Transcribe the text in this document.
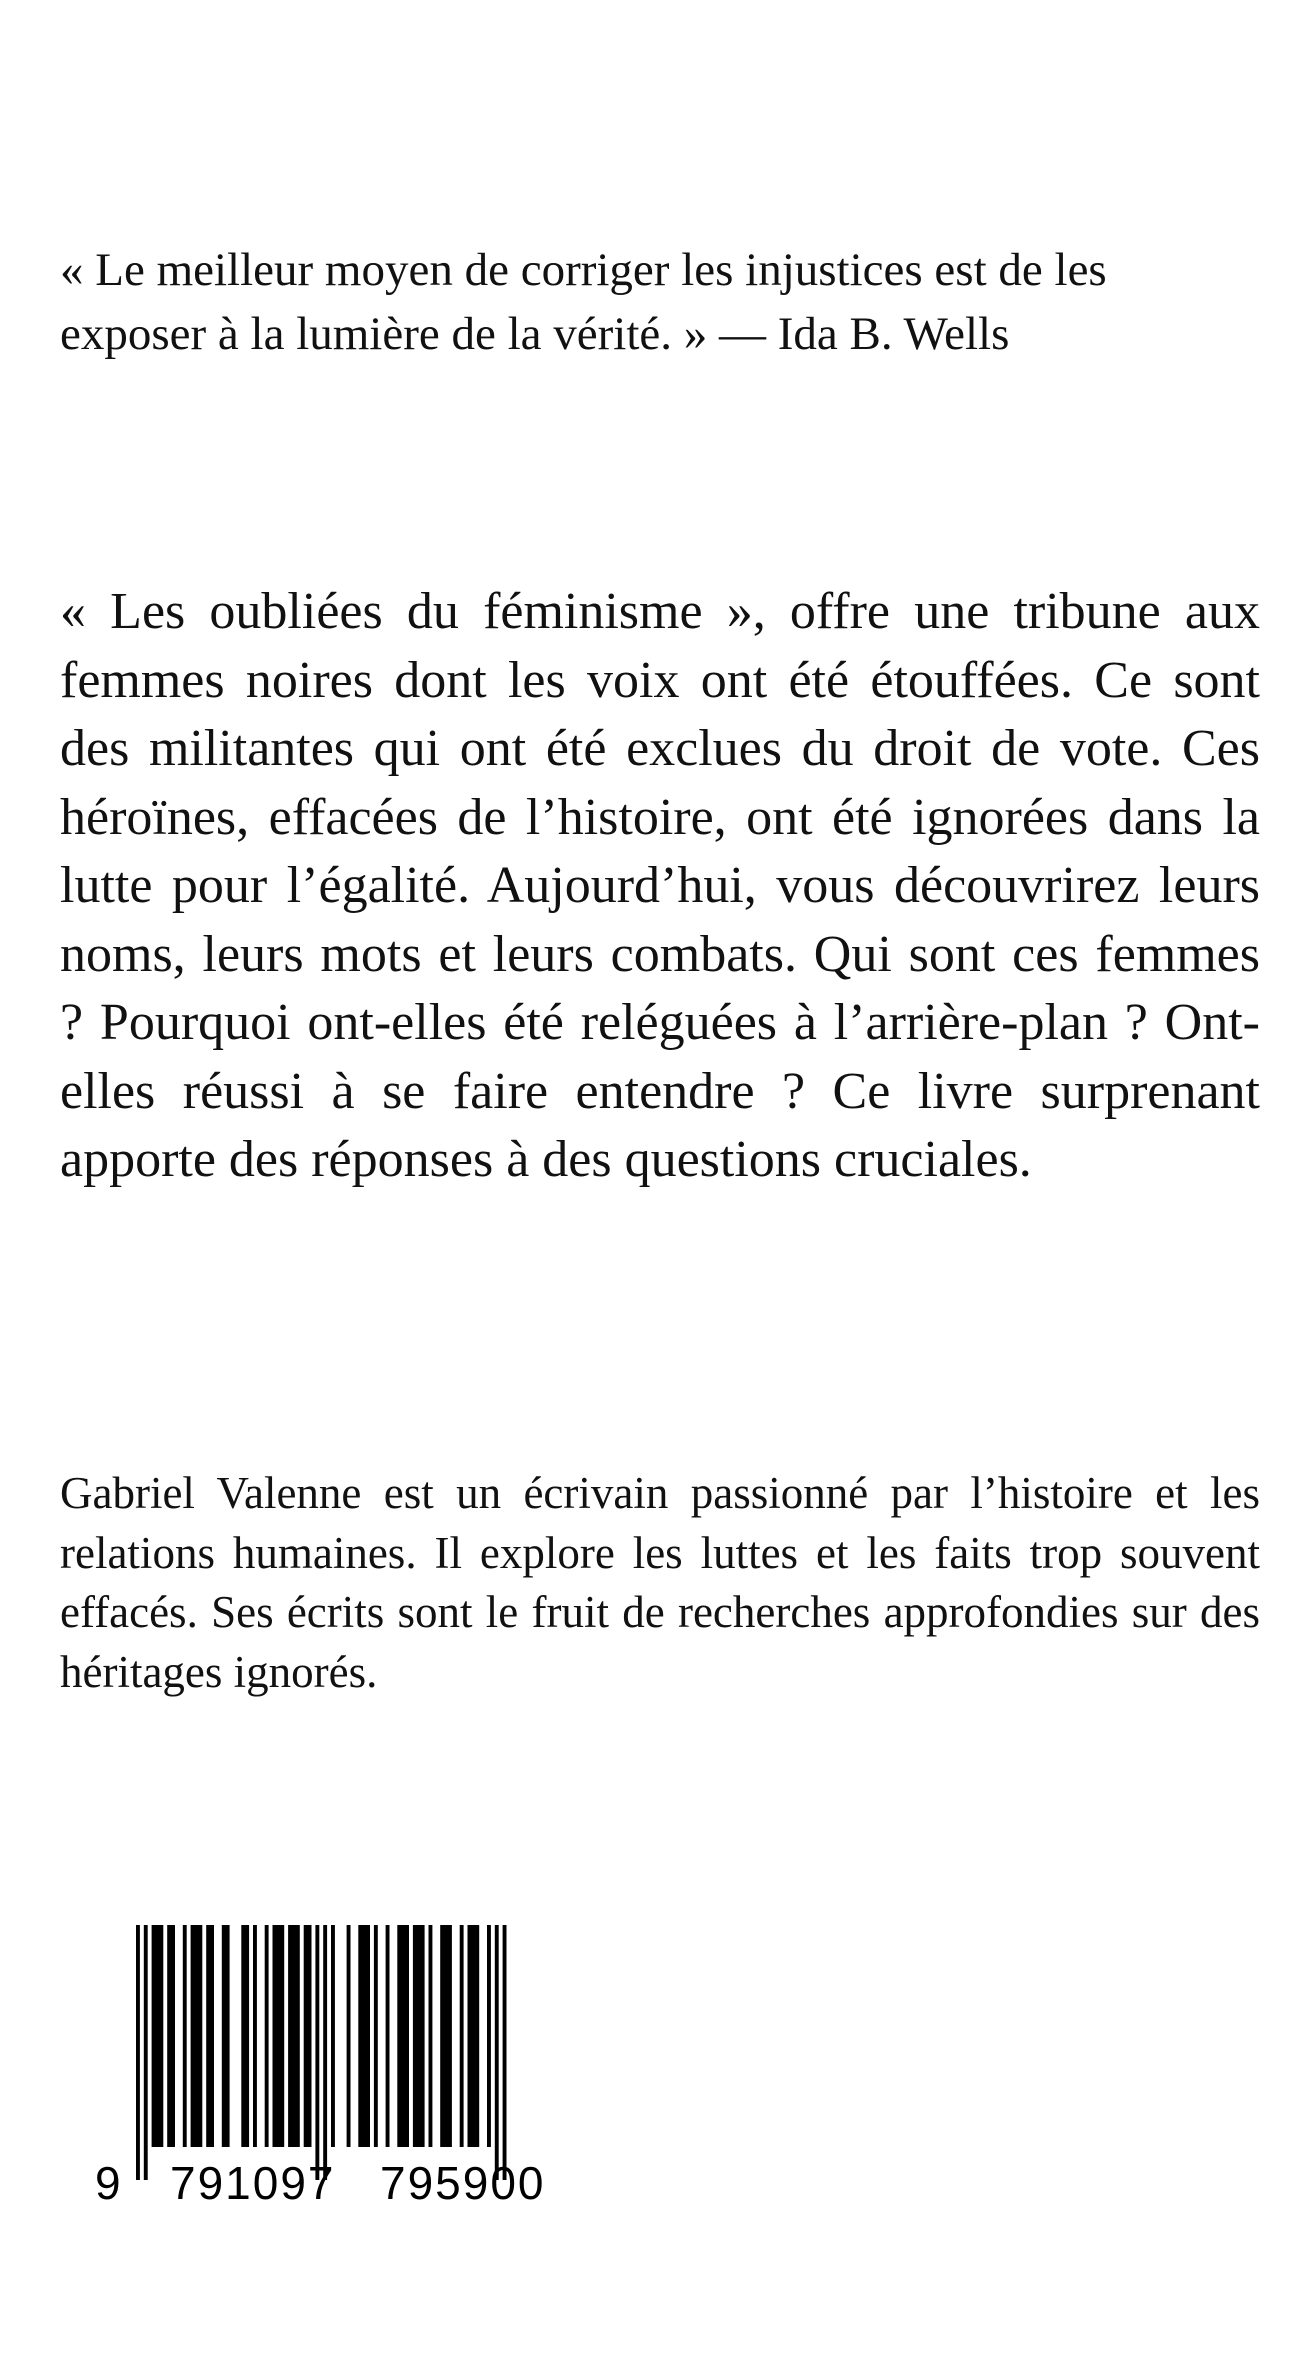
« Le meilleur moyen de corriger les injustices est de les exposer à la lumière de la vérité. » — Ida B. Wells

« Les oubliées du féminisme », offre une tribune aux femmes noires dont les voix ont été étouffées. Ce sont des militantes qui ont été exclues du droit de vote. Ces héroïnes, effacées de l’histoire, ont été ignorées dans la lutte pour l’égalité. Aujourd’hui, vous découvrirez leurs noms, leurs mots et leurs combats. Qui sont ces femmes ? Pourquoi ont-elles été reléguées à l’arrière-plan ? Ont-elles réussi à se faire entendre ? Ce livre surprenant apporte des réponses à des questions cruciales.

Gabriel Valenne est un écrivain passionné par l’histoire et les relations humaines. Il explore les luttes et les faits trop souvent effacés. Ses écrits sont le fruit de recherches approfondies sur des héritages ignorés.

9 791097 795900
